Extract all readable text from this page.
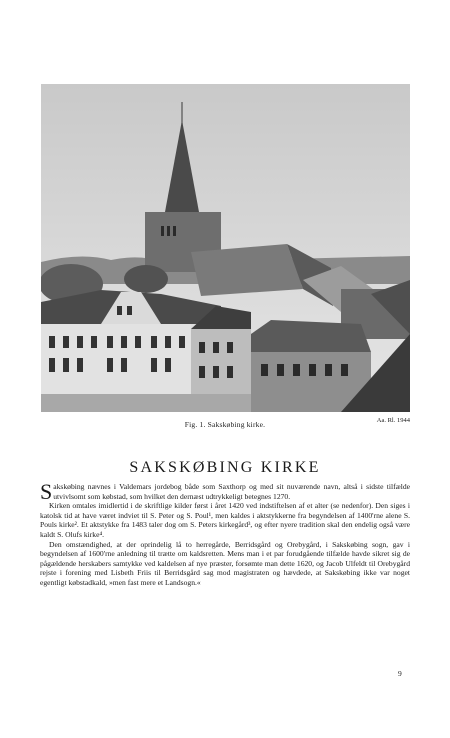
Fig. 1. Sakskøbing kirke.	Aa. Rl. 1944
SAKSKØBING KIRKE

Sakskøbing nævnes i Valdemars jordebog både som Saxthorp og med sit nuværende navn, altså i sidste tilfælde utvivlsomt som købstad, som hvilket den dernæst udtrykkeligt betegnes 1270.

Kirken omtales imidlertid i de skriftlige kilder først i året 1420 ved indstiftelsen af et alter (se nedenfor). Den siges i katolsk tid at have været indviet til S. Peter og S. Poul¹, men kaldes i aktstykkerne fra begyndelsen af 1400'rne alene S. Pouls kirke². Et aktstykke fra 1483 taler dog om S. Peters kirkegård³, og efter nyere tradition skal den endelig også være kaldt S. Olufs kirke⁴.

Den omstændighed, at der oprindelig lå to herregårde, Berridsgård og Orebygård, i Sakskøbing sogn, gav i begyndelsen af 1600'rne anledning til trætte om kaldsretten. Mens man i et par forudgående tilfælde havde sikret sig de pågældende herskabers samtykke ved kaldelsen af nye præster, forsømte man dette 1620, og Jacob Ulfeldt til Orebygård rejste i forening med Lisbeth Friis til Berridsgård sag mod magistraten og hævdede, at Sakskøbing ikke var noget egentligt købstadkald, »men fast mere et Landsogn.«

9
